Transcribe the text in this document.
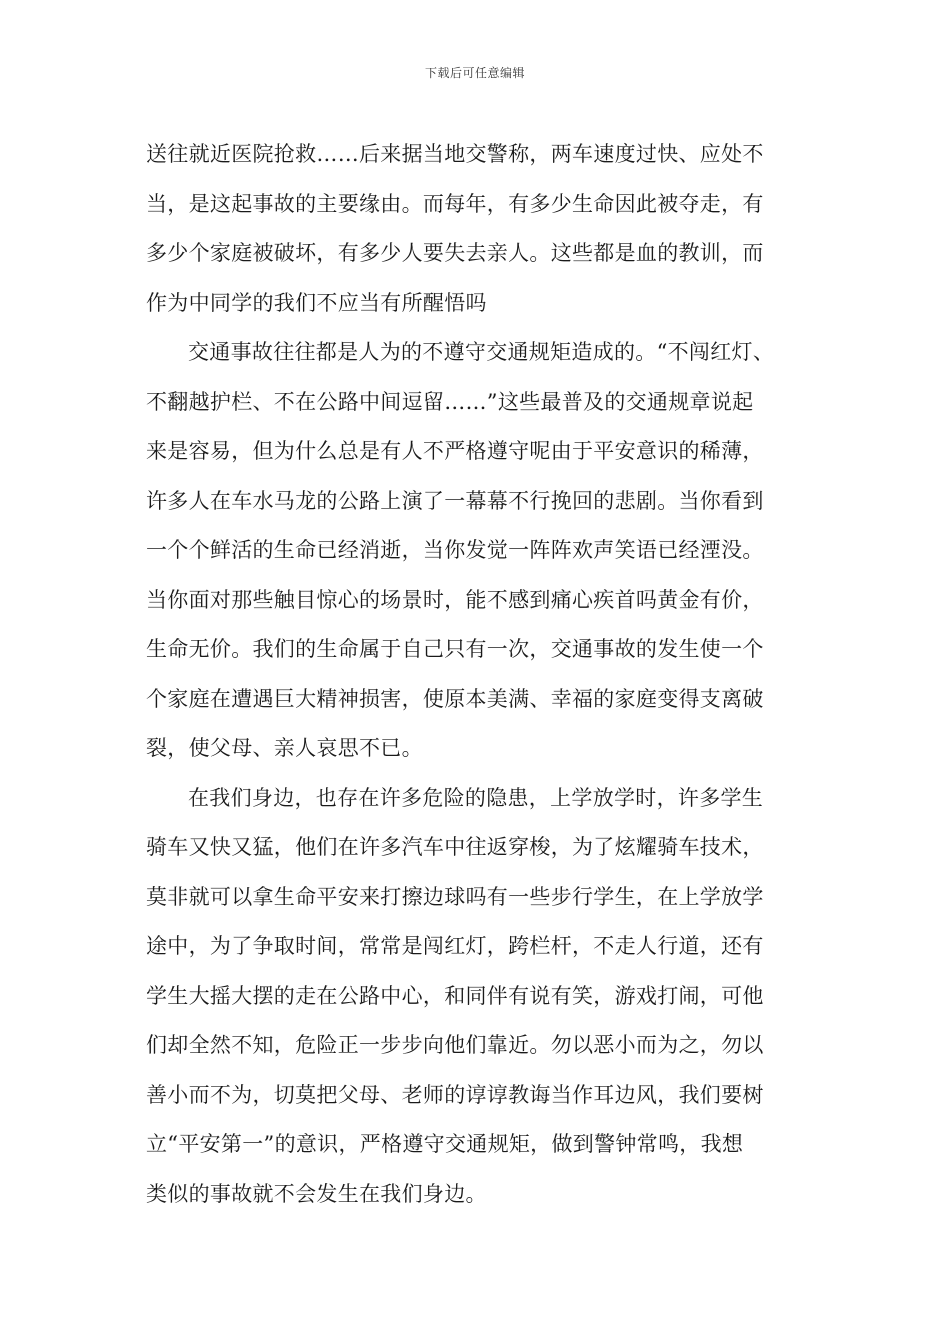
下载后可任意编辑
送往就近医院抢救……后来据当地交警称，两车速度过快、应处不
当，是这起事故的主要缘由。而每年，有多少生命因此被夺走，有
多少个家庭被破坏，有多少人要失去亲人。这些都是血的教训，而
作为中同学的我们不应当有所醒悟吗
交通事故往往都是人为的不遵守交通规矩造成的。“不闯红灯、
不翻越护栏、不在公路中间逗留……”这些最普及的交通规章说起
来是容易，但为什么总是有人不严格遵守呢由于平安意识的稀薄，
许多人在车水马龙的公路上演了一幕幕不行挽回的悲剧。当你看到
一个个鲜活的生命已经消逝，当你发觉一阵阵欢声笑语已经湮没。
当你面对那些触目惊心的场景时，能不感到痛心疾首吗黄金有价，
生命无价。我们的生命属于自己只有一次，交通事故的发生使一个
个家庭在遭遇巨大精神损害，使原本美满、幸福的家庭变得支离破
裂，使父母、亲人哀思不已。
在我们身边，也存在许多危险的隐患，上学放学时，许多学生
骑车又快又猛，他们在许多汽车中往返穿梭，为了炫耀骑车技术，
莫非就可以拿生命平安来打擦边球吗有一些步行学生，在上学放学
途中，为了争取时间，常常是闯红灯，跨栏杆，不走人行道，还有
学生大摇大摆的走在公路中心，和同伴有说有笑，游戏打闹，可他
们却全然不知，危险正一步步向他们靠近。勿以恶小而为之，勿以
善小而不为，切莫把父母、老师的谆谆教诲当作耳边风，我们要树
立“平安第一”的意识，严格遵守交通规矩，做到警钟常鸣，我想
类似的事故就不会发生在我们身边。
